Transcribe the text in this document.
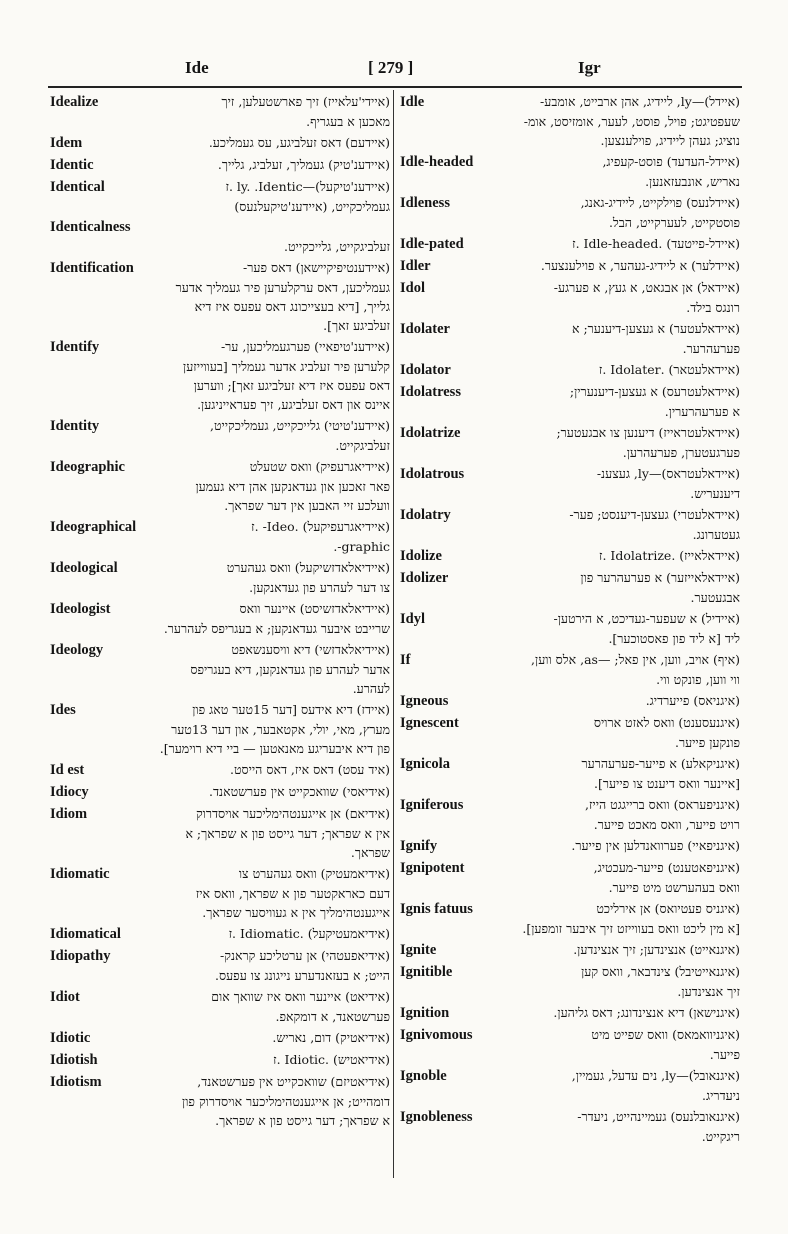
Ide	[ 279 ]	Igr
Idealize	(איידי'עלאייז) זיך פארשטעלען, זיך
מאכען א בעגריף.
Idem	(איידעם) דאס זעלביגע, עס געמליכע.
Identic	(איידענ'טיק) געמליך, זעלביג, גלייך.
Identical	(איידענ'טיקעל)—ly. .Identic .ז
געמליכקייט, (איידענ'טיקעלנעס)
Identicalness
זעלביגקייט, גלייכקייט.
Identification	(איידענטיפיקיישאן) דאס פער-
געמליכען, דאס ערקלערען פיר געמליך אדער
גלייך, [דיא בעצייכונג דאס עפעס איז דיא
זעלביגע זאך].
Identify	(איידענ'טיפאיי) פערגעמליכען, ער-
קלערען פיר זעלביג אדער געמליך [בעווייזען
דאס עפעס איז דיא זעלביגע זאך]; ווערען
איינס און דאס זעלביגע, זיך פעראייניגען.
Identity	(איידענ'טיטי) גלייכקייט, געמליכקייט,
זעלביגקייט.
Ideographic	(איידיאגרעפיק) וואס שטעלט
פאר זאכען און געדאנקען אהן דיא געמען
וועלכע זיי האבען אין דער שפראך.
Ideographical	(איידיאגרעפיקעל) .Ideo- .ז
graphic-.
Ideological	(איידיאלאדזשיקעל) וואס געהערט
צו דער לעהרע פון געדאנקען.
Ideologist	(איידיאלאדזשיסט) איינער וואס
שרייבט איבער געדאנקען; א בעגריפס לעהרער.
Ideology	(איידיאלאדזשי) דיא וויסענשאפט
אדער לעהרע פון געדאנקען, דיא בעגריפס
לעהרע.
Ides	(איידז) דיא אידעס [דער 15טער טאג פון
מערץ, מאי, יולי, אקטאבער, און דער 13טער
פון דיא איבעריגע מאנאטען — ביי דיא רוימער].
Id est	(איד עסט) דאס איז, דאס הייסט.
Idiocy	(אידיאסי) שוואכקייט אין פערשטאנד.
Idiom	(אידיאם) אן אייגענטהימליכער אויסדרוק
אין א שפראך; דער גייסט פון א שפראך; א
שפראך.
Idiomatic	(אידיאמעטיק) וואס געהערט צו
דעם כאראקטער פון א שפראך, וואס איז
אייגענטהימליך אין א געוויסער שפראך.
Idiomatical	(אידיאמעטיקעל) .Idiomatic .ז
Idiopathy	(אידיאפעטהי) אן ערטליכע קראנק-
הייט; א בעזאנדערע נייגונג צו עפעס.
Idiot	(אידיאט) איינער וואס איז שוואך אום
פערשטאנד, א דומקאפ.
Idiotic	(אידיאטיק) דום, נאריש.
Idiotish	(אידיאטיש) .Idiotic .ז
Idiotism	(אידיאטיזם) שוואכקייט אין פערשטאנד,
דומהייט; אן אייגענטהימליכער אויסדרוק פון
א שפראך; דער גייסט פון א שפראך.
Idle	(איידל)—ly, ליידיג, אהן ארבייט, אומבע-
שעפטיגט; פויל, פוסט, לעער, אומזיסט, אומ-
נוציג; געהן ליידיג, פוילענצען.
Idle-headed	(איידל-העדעד) פוסט-קעפיג,
נאריש, אונבעזאנען.
Idleness	(איידלנעס) פוילקייט, ליידיג-גאנג,
פוסטקייט, לעערקייט, הבל.
Idle-pated	(איידל-פייטעד) .Idle-headed .ז
Idler	(איידלער) א ליידיג-געהער, א פוילענצער.
Idol	(איידאל) אן אבגאט, א געץ, א פערגע-
רונגס בילד.
Idolater	(איידאלעטער) א געצען-דיענער; א
פערעהרער.
Idolator	(איידאלעטאר) .Idolater .ז
Idolatress	(איידאלעטרעס) א געצען-דיענערין;
א פערעהרערין.
Idolatrize	(איידאלעטראייז) דיענען צו אבגעטער;
פערגעטערן, פערעהרען.
Idolatrous	(איידאלעטראס)—ly, געצענ-
דיענעריש.
Idolatry	(איידאלעטרי) געצען-דיענסט; פער-
געטערונג.
Idolize	(איידאלאייז) .Idolatrize .ז
Idolizer	(איידאלאייזער) א פערעהרער פון
אבגעטער.
Idyl	(איידיל) א שעפער-געדיכט, א הירטען-
ליד [א ליד פון פאסטוכער].
If	(איף) אויב, ווען, אין פאל; —as, אלס ווען,
ווי ווען, פונקט ווי.
Igneous	(איגניאס) פייערדיג.
Ignescent	(איגנעסענט) וואס לאזט ארויס
פונקען פייער.
Ignicola	(איגניקאלע) א פייער-פערעהרער
[איינער וואס דיענט צו פייער].
Igniferous	(איגניפעראס) וואס ברייגגט הייז,
רויט פייער, וואס מאכט פייער.
Ignify	(איגניפאיי) פערוואנדלען אין פייער.
Ignipotent	(איגניפאטענט) פייער-מעכטיג,
וואס בעהערשט מיט פייער.
Ignis fatuus	(איגניס פעטיואס) אן אירליכט
[א מין ליכט וואס בעווייזט זיך איבער זומפען].
Ignite	(איגנאייט) אנצינדען; זיך אנצינדען.
Ignitible	(איגנאייטיבל) צינדבאר, וואס קען
זיך אנצינדען.
Ignition	(איגנישאן) דיא אנצינדונג; דאס גליהען.
Ignivomous	(איגניוואמאס) וואס שפייט מיט
פייער.
Ignoble	(איגנאובל)—ly, נים עדעל, געמיין,
ניעדריג.
Ignobleness	(איגנאובלנעס) געמיינהייט, ניעדר-
ריגקייט.
